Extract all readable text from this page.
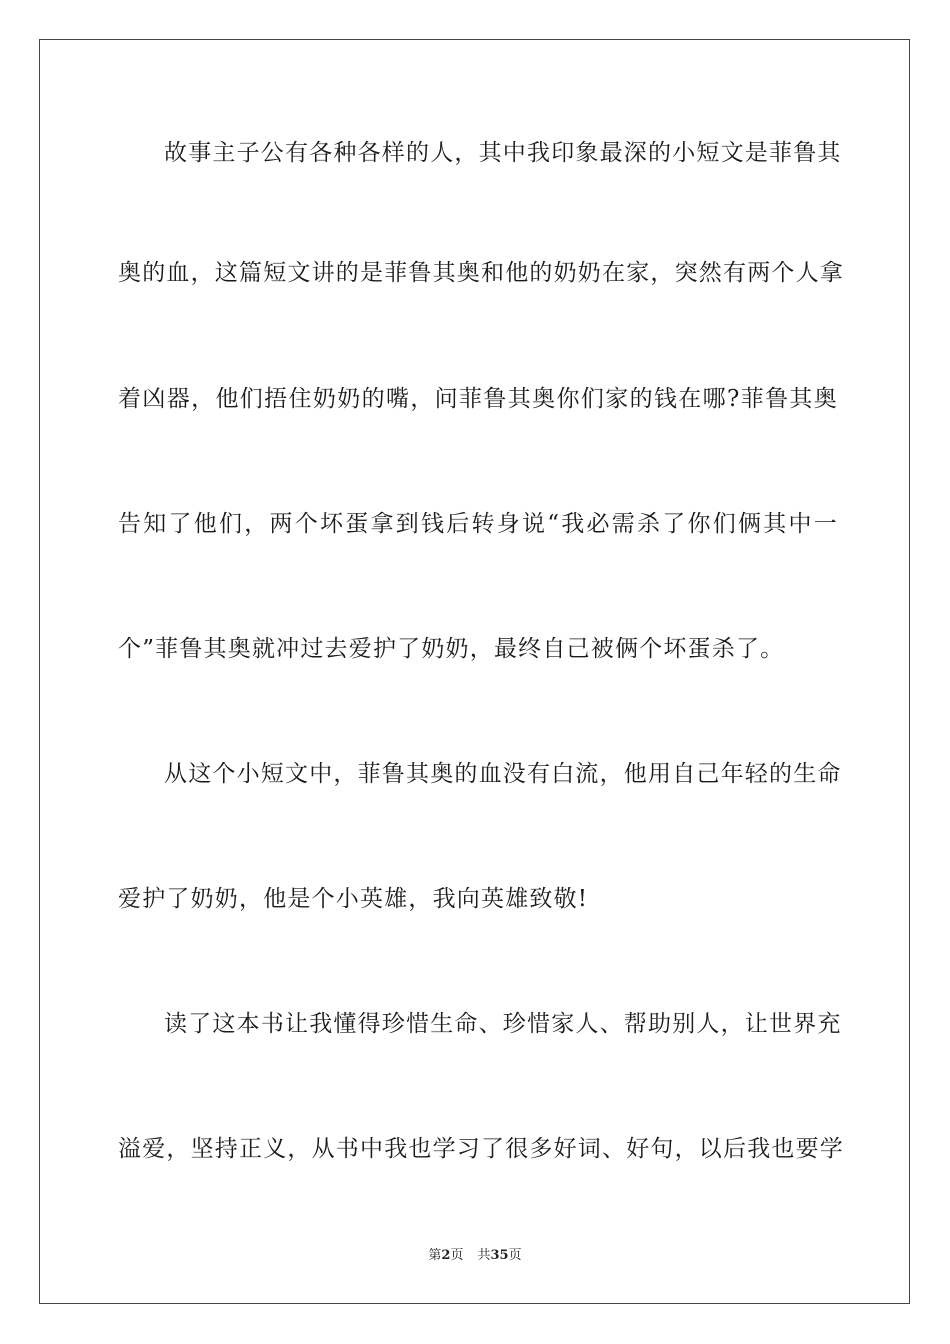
故事主子公有各种各样的人，其中我印象最深的小短文是菲鲁其
奥的血，这篇短文讲的是菲鲁其奥和他的奶奶在家，突然有两个人拿
着凶器，他们捂住奶奶的嘴，问菲鲁其奥你们家的钱在哪?菲鲁其奥
告知了他们，两个坏蛋拿到钱后转身说“我必需杀了你们俩其中一
个”菲鲁其奥就冲过去爱护了奶奶，最终自己被俩个坏蛋杀了。
从这个小短文中，菲鲁其奥的血没有白流，他用自己年轻的生命
爱护了奶奶，他是个小英雄，我向英雄致敬!
读了这本书让我懂得珍惜生命、珍惜家人、帮助别人，让世界充
溢爱，坚持正义，从书中我也学习了很多好词、好句，以后我也要学
第2页 共35页
